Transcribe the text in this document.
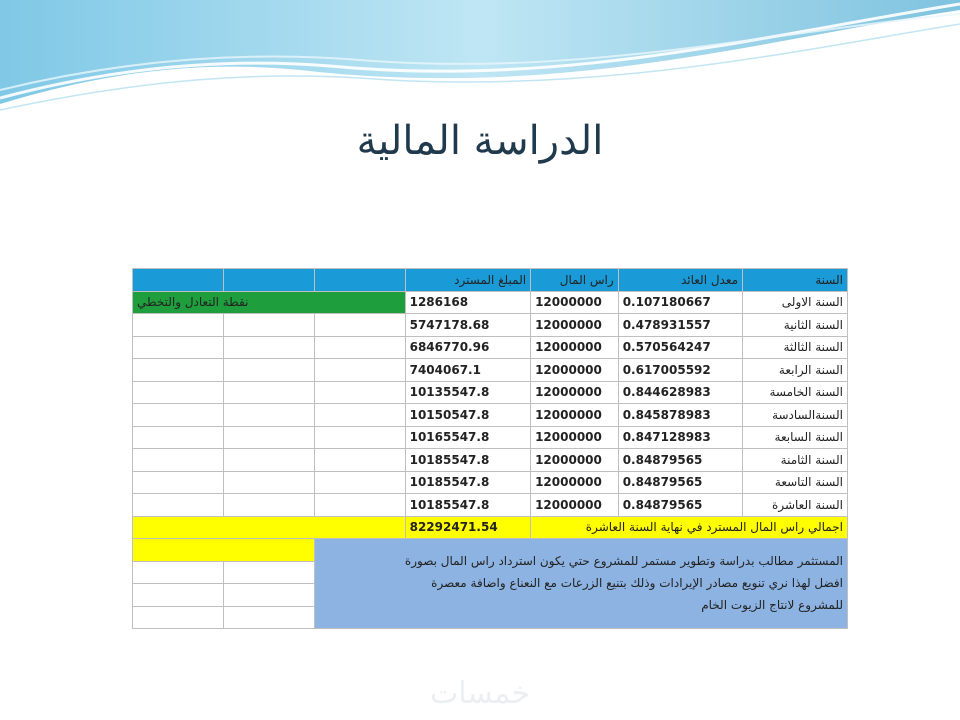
الدراسة المالية
السنة	معدل العائد	راس المال	المبلغ المسترد			
السنة الاولى	0.107180667	12000000	1286168	نقطة التعادل والتخطي		
السنة الثانية	0.478931557	12000000	5747178.68			
السنة الثالثة	0.570564247	12000000	6846770.96			
السنة الرابعة	0.617005592	12000000	7404067.1			
السنة الخامسة	0.844628983	12000000	10135547.8			
السنةالسادسة	0.845878983	12000000	10150547.8			
السنة السابعة	0.847128983	12000000	10165547.8			
السنة الثامنة	0.84879565	12000000	10185547.8			
السنة التاسعة	0.84879565	12000000	10185547.8			
السنة العاشرة	0.84879565	12000000	10185547.8			
اجمالي راس المال المسترد في نهاية السنة العاشرة			82292471.54			

المستثمر مطالب بدراسة وتطوير مستمر للمشروع حتي يكون استرداد راس المال بصورة
افضل لهذا نري تنويع مصادر الإيرادات وذلك بتنيع الزرعات مع النعناع واضافة معصرة
للمشروع لانتاج الزيوت الخام						

خمسات
